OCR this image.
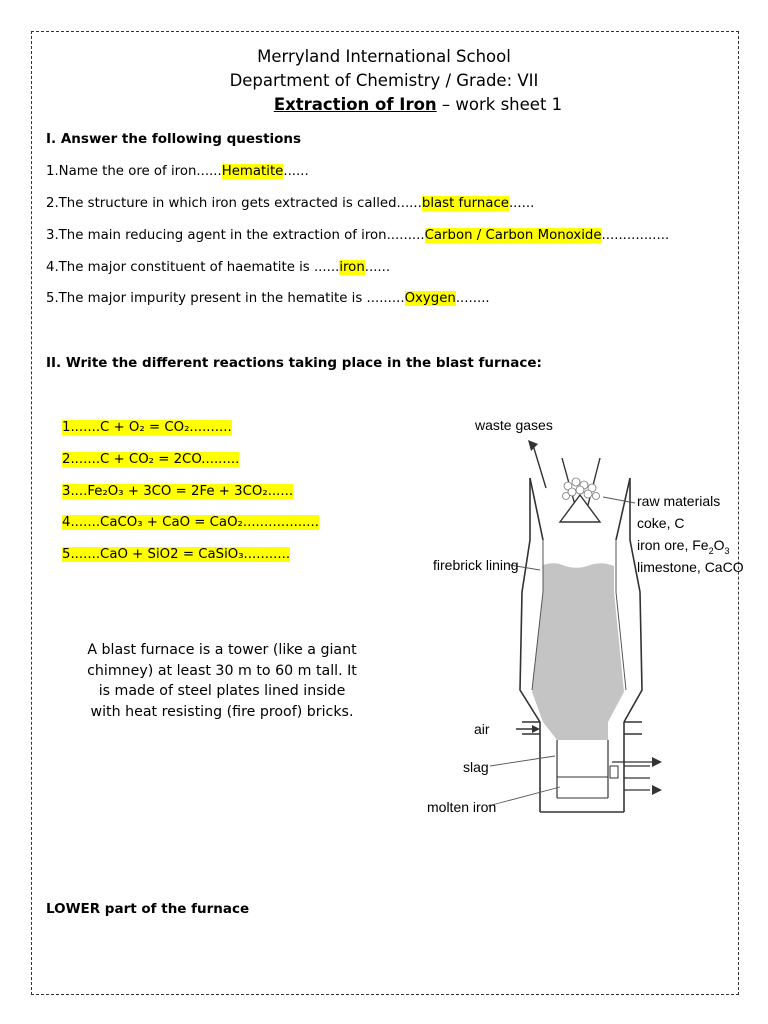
Merryland International School
Department of Chemistry / Grade: VII
Extraction of Iron – work sheet 1
I. Answer the following questions
1.Name the ore of iron......Hematite......
2.The structure in which iron gets extracted is called......blast furnace......
3.The main reducing agent in the extraction of iron.........Carbon / Carbon Monoxide................
4.The major constituent of haematite is ......iron......
5.The major impurity present in the hematite is .........Oxygen........
II. Write the different reactions taking place in the blast furnace:
1.......C + O₂ = CO₂..........
2.......C + CO₂ = 2CO.........
3....Fe₂O₃ + 3CO = 2Fe + 3CO₂......
4.......CaCO₃ + CaO = CaO₂..................
5.......CaO + SiO2 = CaSiO₃...........
A blast furnace is a tower (like a giant chimney) at least 30 m to 60 m tall. It is made of steel plates lined inside with heat resisting (fire proof) bricks.
waste gases
raw materials
coke, C
iron ore, $Fe_2O_3$
limestone, CaCO
firebrick lining
air
slag
molten iron
LOWER part of the furnace
